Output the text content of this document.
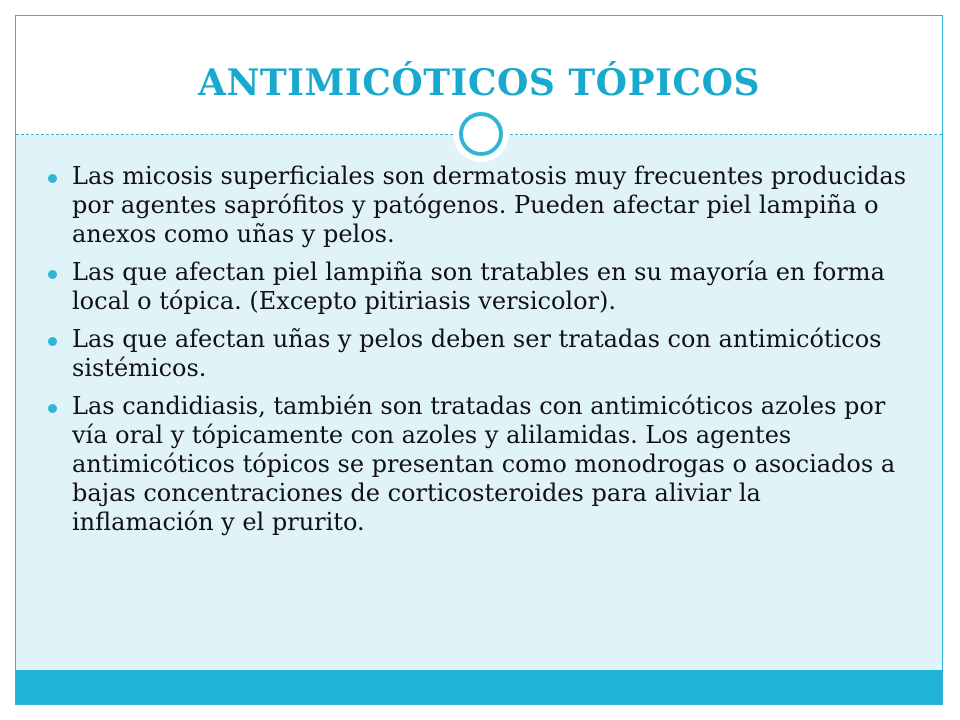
ANTIMICÓTICOS TÓPICOS
Las micosis superficiales son dermatosis muy frecuentes producidas por agentes saprófitos y patógenos. Pueden afectar piel lampiña o anexos como uñas y pelos.
Las que afectan piel lampiña son tratables en su mayoría en forma local o tópica. (Excepto pitiriasis versicolor).
Las que afectan uñas y pelos deben ser tratadas con antimicóticos sistémicos.
Las candidiasis, también son tratadas con antimicóticos azoles por vía oral y tópicamente con azoles y alilamidas. Los agentes antimicóticos tópicos se presentan como monodrogas o asociados a bajas concentraciones de corticosteroides para aliviar la inflamación y el prurito.
